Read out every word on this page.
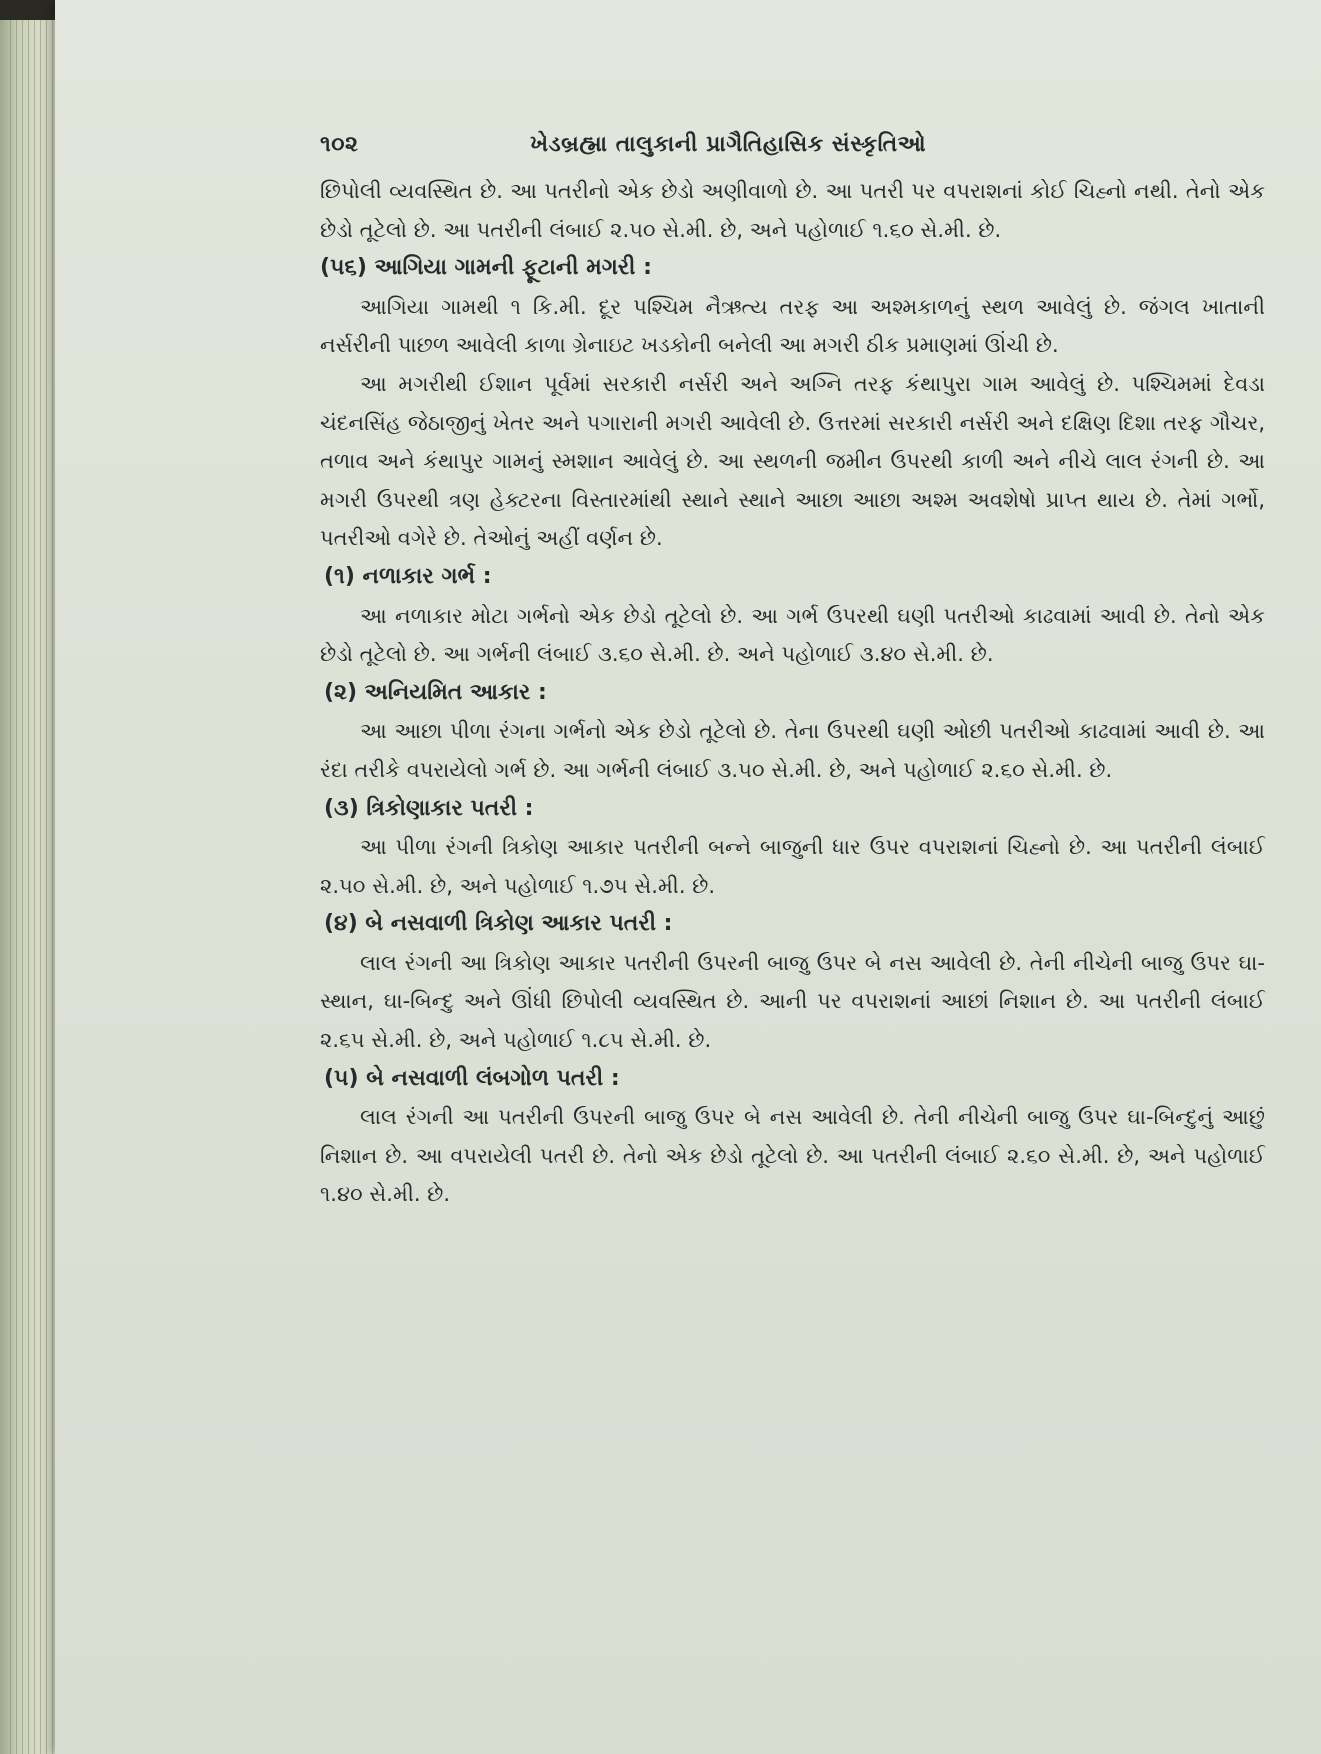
૧૦૨	ખેડબ્રહ્મા તાલુકાની પ્રાગૈતિહાસિક સંસ્કૃતિઓ

છિપોલી વ્યવસ્થિત છે. આ પતરીનો એક છેડો અણીવાળો છે. આ પતરી પર વપરાશનાં કોઈ ચિહ્નો નથી. તેનો એક છેડો તૂટેલો છે. આ પતરીની લંબાઈ ૨.૫૦ સે.મી. છે, અને પહોળાઈ ૧.૬૦ સે.મી. છે.

(૫૬) આગિયા ગામની ફૂટાની મગરી :

આગિયા ગામથી ૧ કિ.મી. દૂર પશ્ચિમ નૈઋત્ય તરફ આ અશ્મકાળનું સ્થળ આવેલું છે. જંગલ ખાતાની નર્સરીની પાછળ આવેલી કાળા ગ્રેનાઇટ ખડકોની બનેલી આ મગરી ઠીક પ્રમાણમાં ઊંચી છે.

આ મગરીથી ઈશાન પૂર્વમાં સરકારી નર્સરી અને અગ્નિ તરફ કંથાપુરા ગામ આવેલું છે. પશ્ચિમમાં દેવડા ચંદનસિંહ જેઠાજીનું ખેતર અને પગારાની મગરી આવેલી છે. ઉત્તરમાં સરકારી નર્સરી અને દક્ષિણ દિશા તરફ ગૌચર, તળાવ અને કંથાપુર ગામનું સ્મશાન આવેલું છે. આ સ્થળની જમીન ઉપરથી કાળી અને નીચે લાલ રંગની છે. આ મગરી ઉપરથી ત્રણ હેક્ટરના વિસ્તારમાંથી સ્થાને સ્થાને આછા આછા અશ્મ અવશેષો પ્રાપ્ત થાય છે. તેમાં ગર્ભો, પતરીઓ વગેરે છે. તેઓનું અહીં વર્ણન છે.

(૧) નળાકાર ગર્ભ :

આ નળાકાર મોટા ગર્ભનો એક છેડો તૂટેલો છે. આ ગર્ભ ઉપરથી ઘણી પતરીઓ કાઢવામાં આવી છે. તેનો એક છેડો તૂટેલો છે. આ ગર્ભની લંબાઈ ૩.૬૦ સે.મી. છે. અને પહોળાઈ ૩.૪૦ સે.મી. છે.

(૨) અનિયમિત આકાર :

આ આછા પીળા રંગના ગર્ભનો એક છેડો તૂટેલો છે. તેના ઉપરથી ઘણી ઓછી પતરીઓ કાઢવામાં આવી છે. આ રંદા તરીકે વપરાયેલો ગર્ભ છે. આ ગર્ભની લંબાઈ ૩.૫૦ સે.મી. છે, અને પહોળાઈ ૨.૬૦ સે.મી. છે.

(૩) ત્રિકોણાકાર પતરી :

આ પીળા રંગની ત્રિકોણ આકાર પતરીની બન્ને બાજુની ધાર ઉપર વપરાશનાં ચિહ્નો છે. આ પતરીની લંબાઈ ૨.૫૦ સે.મી. છે, અને પહોળાઈ ૧.૭૫ સે.મી. છે.

(૪) બે નસવાળી ત્રિકોણ આકાર પતરી :

લાલ રંગની આ ત્રિકોણ આકાર પતરીની ઉપરની બાજુ ઉપર બે નસ આવેલી છે. તેની નીચેની બાજુ ઉપર ઘા-સ્થાન, ઘા-બિન્દુ અને ઊંધી છિપોલી વ્યવસ્થિત છે. આની પર વપરાશનાં આછાં નિશાન છે. આ પતરીની લંબાઈ ૨.૬૫ સે.મી. છે, અને પહોળાઈ ૧.૮૫ સે.મી. છે.

(૫) બે નસવાળી લંબગોળ પતરી :

લાલ રંગની આ પતરીની ઉપરની બાજુ ઉપર બે નસ આવેલી છે. તેની નીચેની બાજુ ઉપર ઘા-બિન્દુનું આછું નિશાન છે. આ વપરાયેલી પતરી છે. તેનો એક છેડો તૂટેલો છે. આ પતરીની લંબાઈ ૨.૬૦ સે.મી. છે, અને પહોળાઈ ૧.૪૦ સે.મી. છે.
